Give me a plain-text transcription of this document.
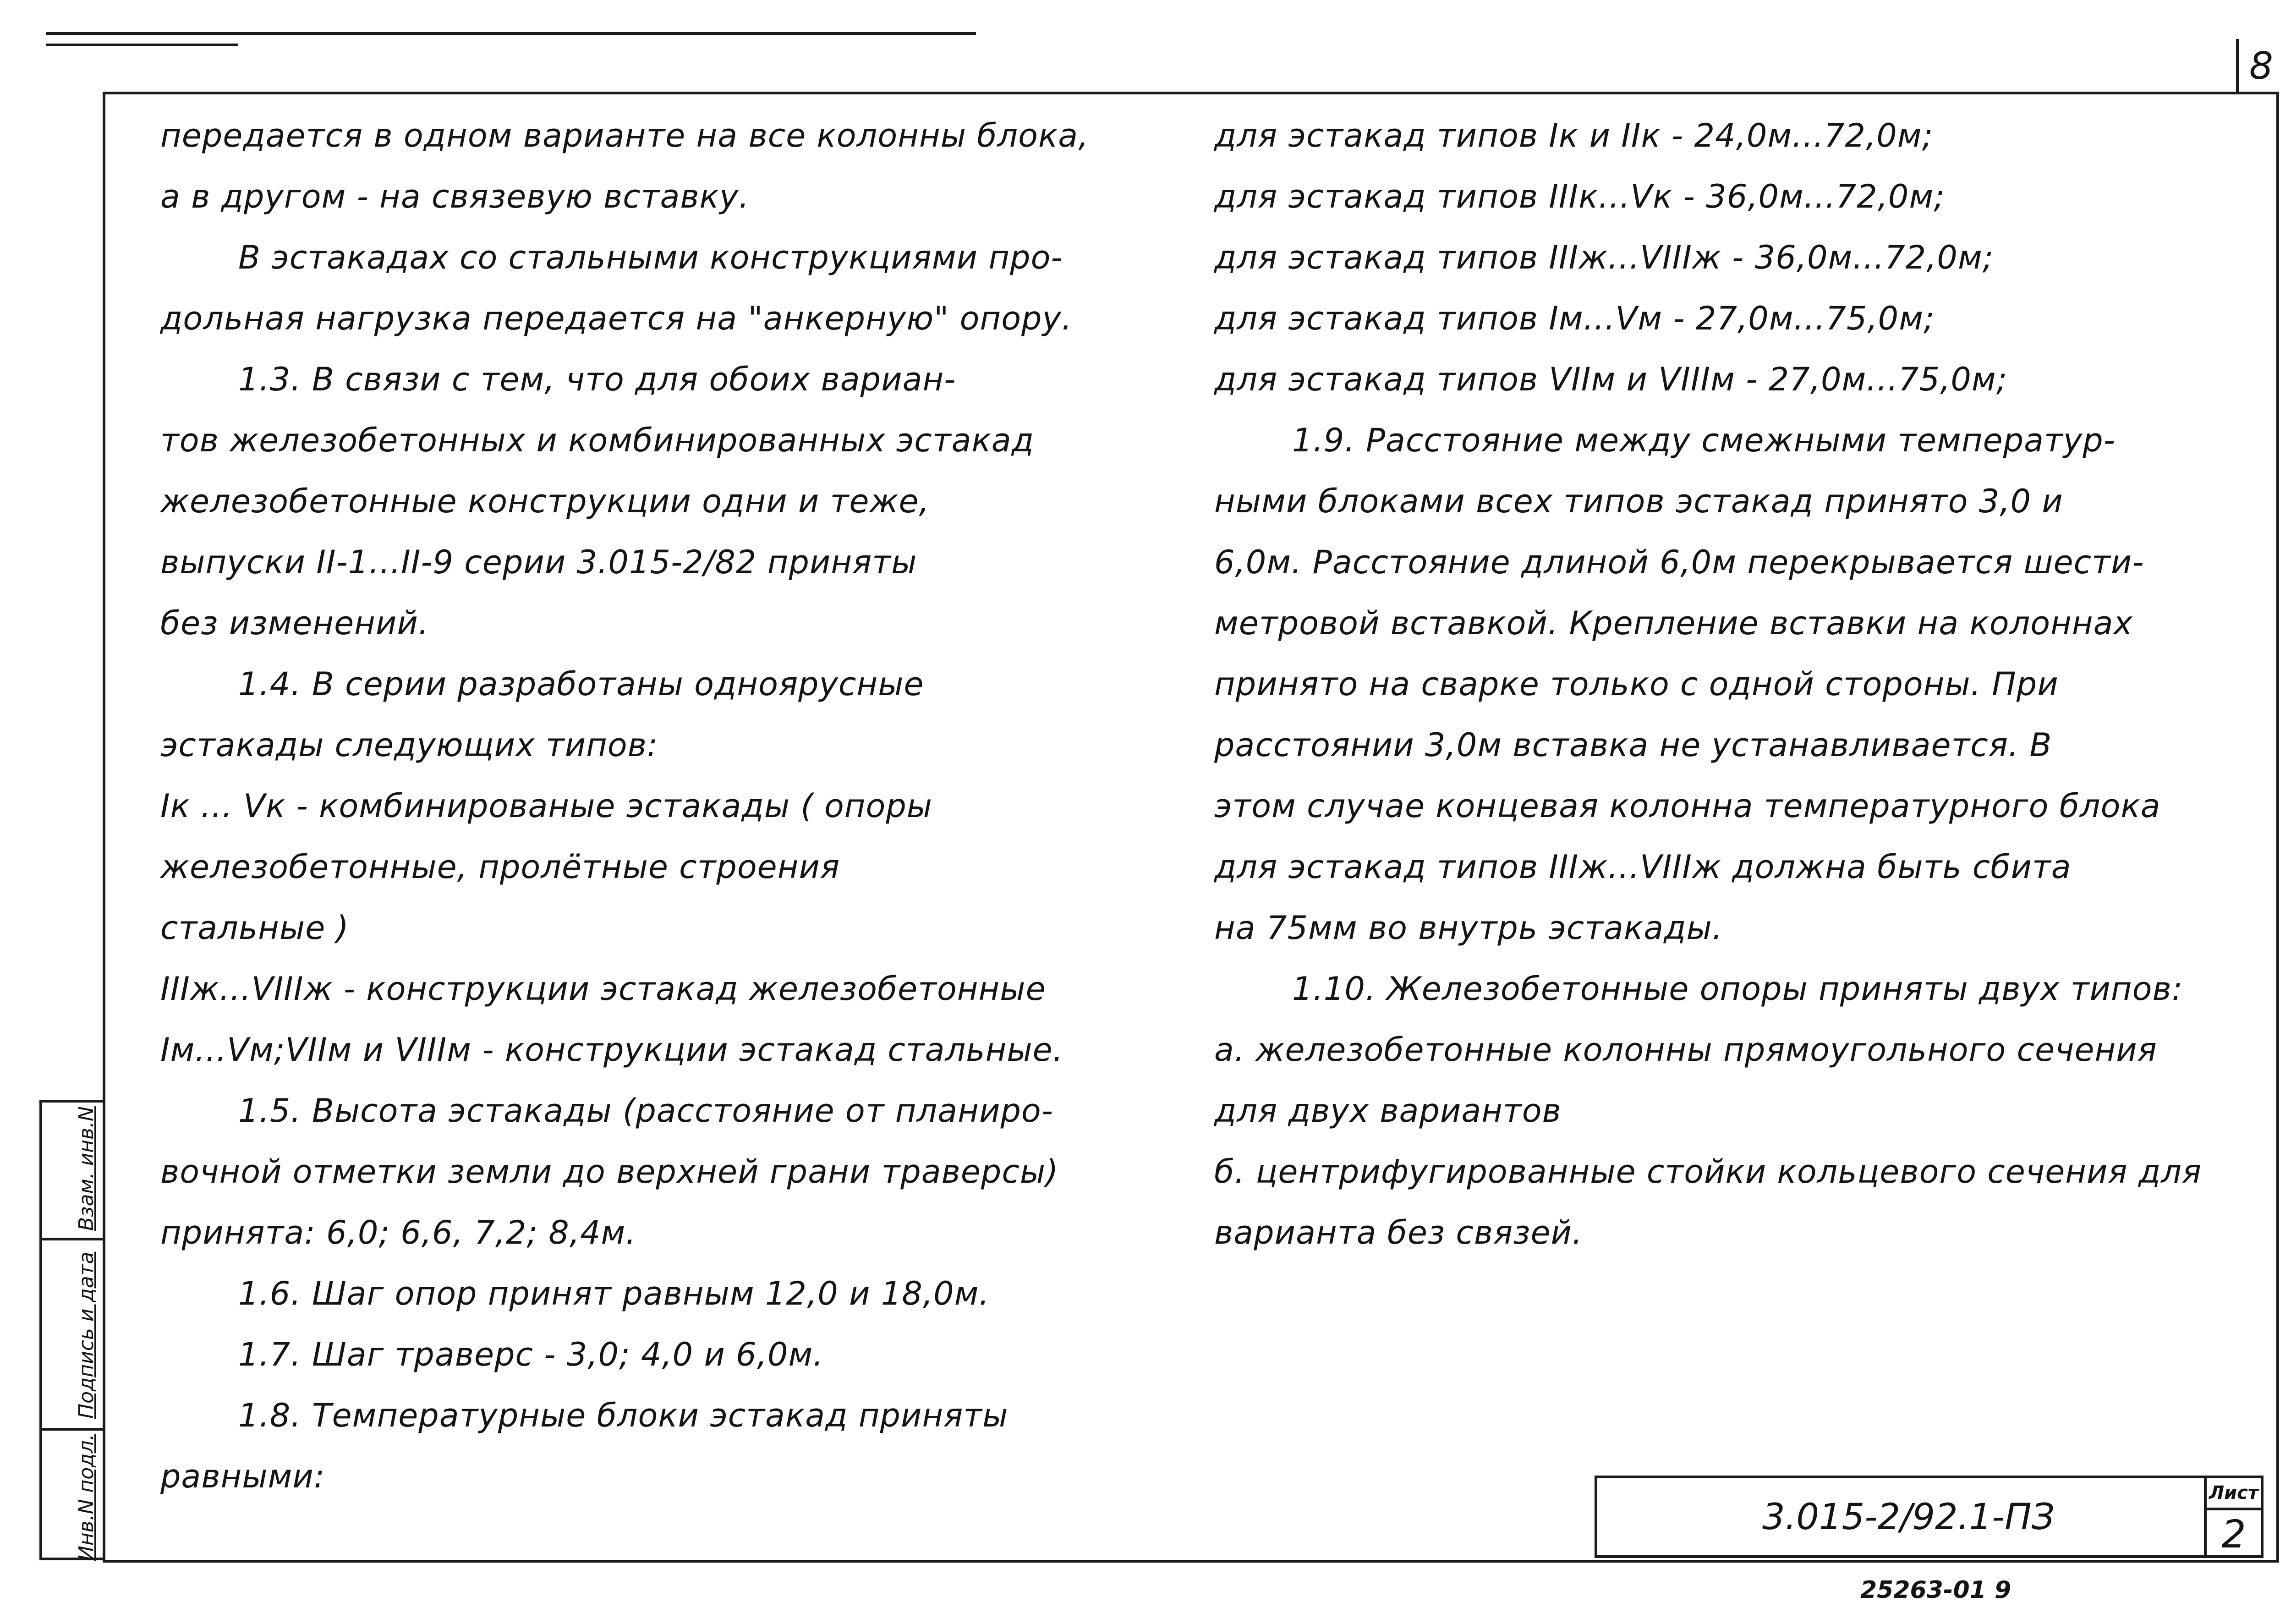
8
передается в одном варианте на все колонны блока,
а в другом - на связевую вставку.
В эстакадах со стальными конструкциями про-
дольная нагрузка передается на "анкерную" опору.
1.3. В связи с тем, что для обоих вариан-
тов железобетонных и комбинированных эстакад
железобетонные конструкции одни и теже,
выпуски II-1...II-9 серии 3.015-2/82 приняты
без изменений.
1.4. В серии разработаны одноярусные
эстакады следующих типов:
Iк ... Vк - комбинированые эстакады ( опоры
железобетонные, пролётные строения
стальные )
IIIж...VIIIж - конструкции эстакад железобетонные
Iм...Vм;VIIм и VIIIм - конструкции эстакад стальные.
1.5. Высота эстакады (расстояние от планиро-
вочной отметки земли до верхней грани траверсы)
принята: 6,0; 6,6, 7,2; 8,4м.
1.6. Шаг опор принят равным 12,0 и 18,0м.
1.7. Шаг траверс - 3,0; 4,0 и 6,0м.
1.8. Температурные блоки эстакад приняты
равными:
для эстакад типов Iк и IIк - 24,0м...72,0м;
для эстакад типов IIIк...Vк - 36,0м...72,0м;
для эстакад типов IIIж...VIIIж - 36,0м...72,0м;
для эстакад типов Iм...Vм - 27,0м...75,0м;
для эстакад типов VIIм и VIIIм - 27,0м...75,0м;
1.9. Расстояние между смежными температур-
ными блоками всех типов эстакад принято 3,0 и
6,0м. Расстояние длиной 6,0м перекрывается шести-
метровой вставкой. Крепление вставки на колоннах
принято на сварке только с одной стороны. При
расстоянии 3,0м вставка не устанавливается. В
этом случае концевая колонна температурного блока
для эстакад типов IIIж...VIIIж должна быть сбита
на 75мм во внутрь эстакады.
1.10. Железобетонные опоры приняты двух типов:
а. железобетонные колонны прямоугольного сечения
для двух вариантов
б. центрифугированные стойки кольцевого сечения для
варианта без связей.
Инв.N подл.
Подпись и дата
Взам. инв.N
3.015-2/92.1-ПЗ
Лист
2
25263-01 9
